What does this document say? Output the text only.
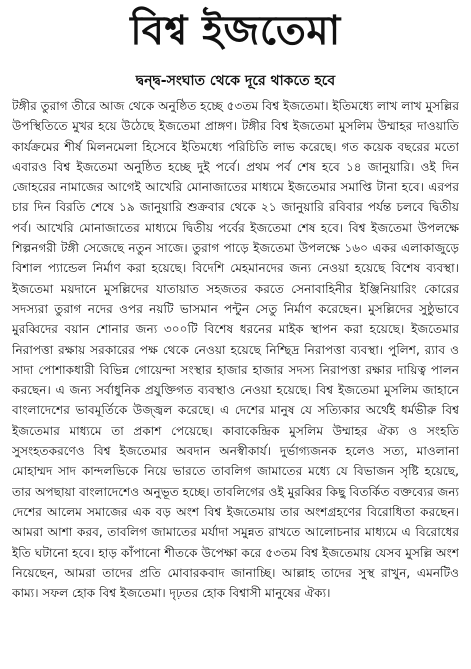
বিশ্ব ইজতেমা
দ্বন্দ্ব-সংঘাত থেকে দূরে থাকতে হবে

টঙ্গীর তুরাগ তীরে আজ থেকে অনুষ্ঠিত হচ্ছে ৫৩তম বিশ্ব ইজতেমা। ইতিমধ্যে লাখ লাখ মুসল্লির উপস্থিতিতে মুখর হয়ে উঠেছে ইজতেমা প্রাঙ্গণ। টঙ্গীর বিশ্ব ইজতেমা মুসলিম উম্মাহর দাওয়াতি কার্যক্রমের শীর্ষ মিলনমেলা হিসেবে ইতিমধ্যে পরিচিতি লাভ করেছে। গত কয়েক বছরের মতো এবারও বিশ্ব ইজতেমা অনুষ্ঠিত হচ্ছে দুই পর্বে। প্রথম পর্ব শেষ হবে ১৪ জানুয়ারি। ওই দিন জোহরের নামাজের আগেই আখেরি মোনাজাতের মাধ্যমে ইজতেমার সমাপ্তি টানা হবে। এরপর চার দিন বিরতি শেষে ১৯ জানুয়ারি শুক্রবার থেকে ২১ জানুয়ারি রবিবার পর্যন্ত চলবে দ্বিতীয় পর্ব। আখেরি মোনাজাতের মাধ্যমে দ্বিতীয় পর্বের ইজতেমা শেষ হবে। বিশ্ব ইজতেমা উপলক্ষে শিল্পনগরী টঙ্গী সেজেছে নতুন সাজে। তুরাগ পাড়ে ইজতেমা উপলক্ষে ১৬০ একর এলাকাজুড়ে বিশাল প্যান্ডেল নির্মাণ করা হয়েছে। বিদেশি মেহমানদের জন্য নেওয়া হয়েছে বিশেষ ব্যবস্থা। ইজতেমা ময়দানে মুসল্লিদের যাতায়াত সহজতর করতে সেনাবাহিনীর ইঞ্জিনিয়ারিং কোরের সদস্যরা তুরাগ নদের ওপর নয়টি ভাসমান পন্টুন সেতু নির্মাণ করেছেন। মুসল্লিদের সুষ্ঠুভাবে মুরব্বিদের বয়ান শোনার জন্য ৩০০টি বিশেষ ধরনের মাইক স্থাপন করা হয়েছে। ইজতেমার নিরাপত্তা রক্ষায় সরকারের পক্ষ থেকে নেওয়া হয়েছে নিশ্ছিদ্র নিরাপত্তা ব্যবস্থা। পুলিশ, র‍্যাব ও সাদা পোশাকধারী বিভিন্ন গোয়েন্দা সংস্থার হাজার হাজার সদস্য নিরাপত্তা রক্ষার দায়িত্ব পালন করছেন। এ জন্য সর্বাধুনিক প্রযুক্তিগত ব্যবস্থাও নেওয়া হয়েছে। বিশ্ব ইজতেমা মুসলিম জাহানে বাংলাদেশের ভাবমূর্তিকে উজ্জ্বল করেছে। এ দেশের মানুষ যে সত্যিকার অর্থেই ধর্মভীরু বিশ্ব ইজতেমার মাধ্যমে তা প্রকাশ পেয়েছে। কাবাকেন্দ্রিক মুসলিম উম্মাহর ঐক্য ও সংহতি সুসংহতকরণেও বিশ্ব ইজতেমার অবদান অনস্বীকার্য। দুর্ভাগ্যজনক হলেও সত্য, মাওলানা মোহাম্মদ সাদ কান্দলভিকে নিয়ে ভারতে তাবলিগ জামাতের মধ্যে যে বিভাজন সৃষ্টি হয়েছে, তার অপছায়া বাংলাদেশেও অনুভূত হচ্ছে। তাবলিগের ওই মুরব্বির কিছু বিতর্কিত বক্তব্যের জন্য দেশের আলেম সমাজের এক বড় অংশ বিশ্ব ইজতেমায় তার অংশগ্রহণের বিরোধিতা করছেন। আমরা আশা করব, তাবলিগ জামাতের মর্যাদা সমুন্নত রাখতে আলোচনার মাধ্যমে এ বিরোধের ইতি ঘটানো হবে। হাড় কাঁপানো শীতকে উপেক্ষা করে ৫৩তম বিশ্ব ইজতেমায় যেসব মুসল্লি অংশ নিয়েছেন, আমরা তাদের প্রতি মোবারকবাদ জানাচ্ছি। আল্লাহ তাদের সুস্থ রাখুন, এমনটিও কাম্য। সফল হোক বিশ্ব ইজতেমা। দৃঢ়তর হোক বিশ্বাসী মানুষের ঐক্য।
